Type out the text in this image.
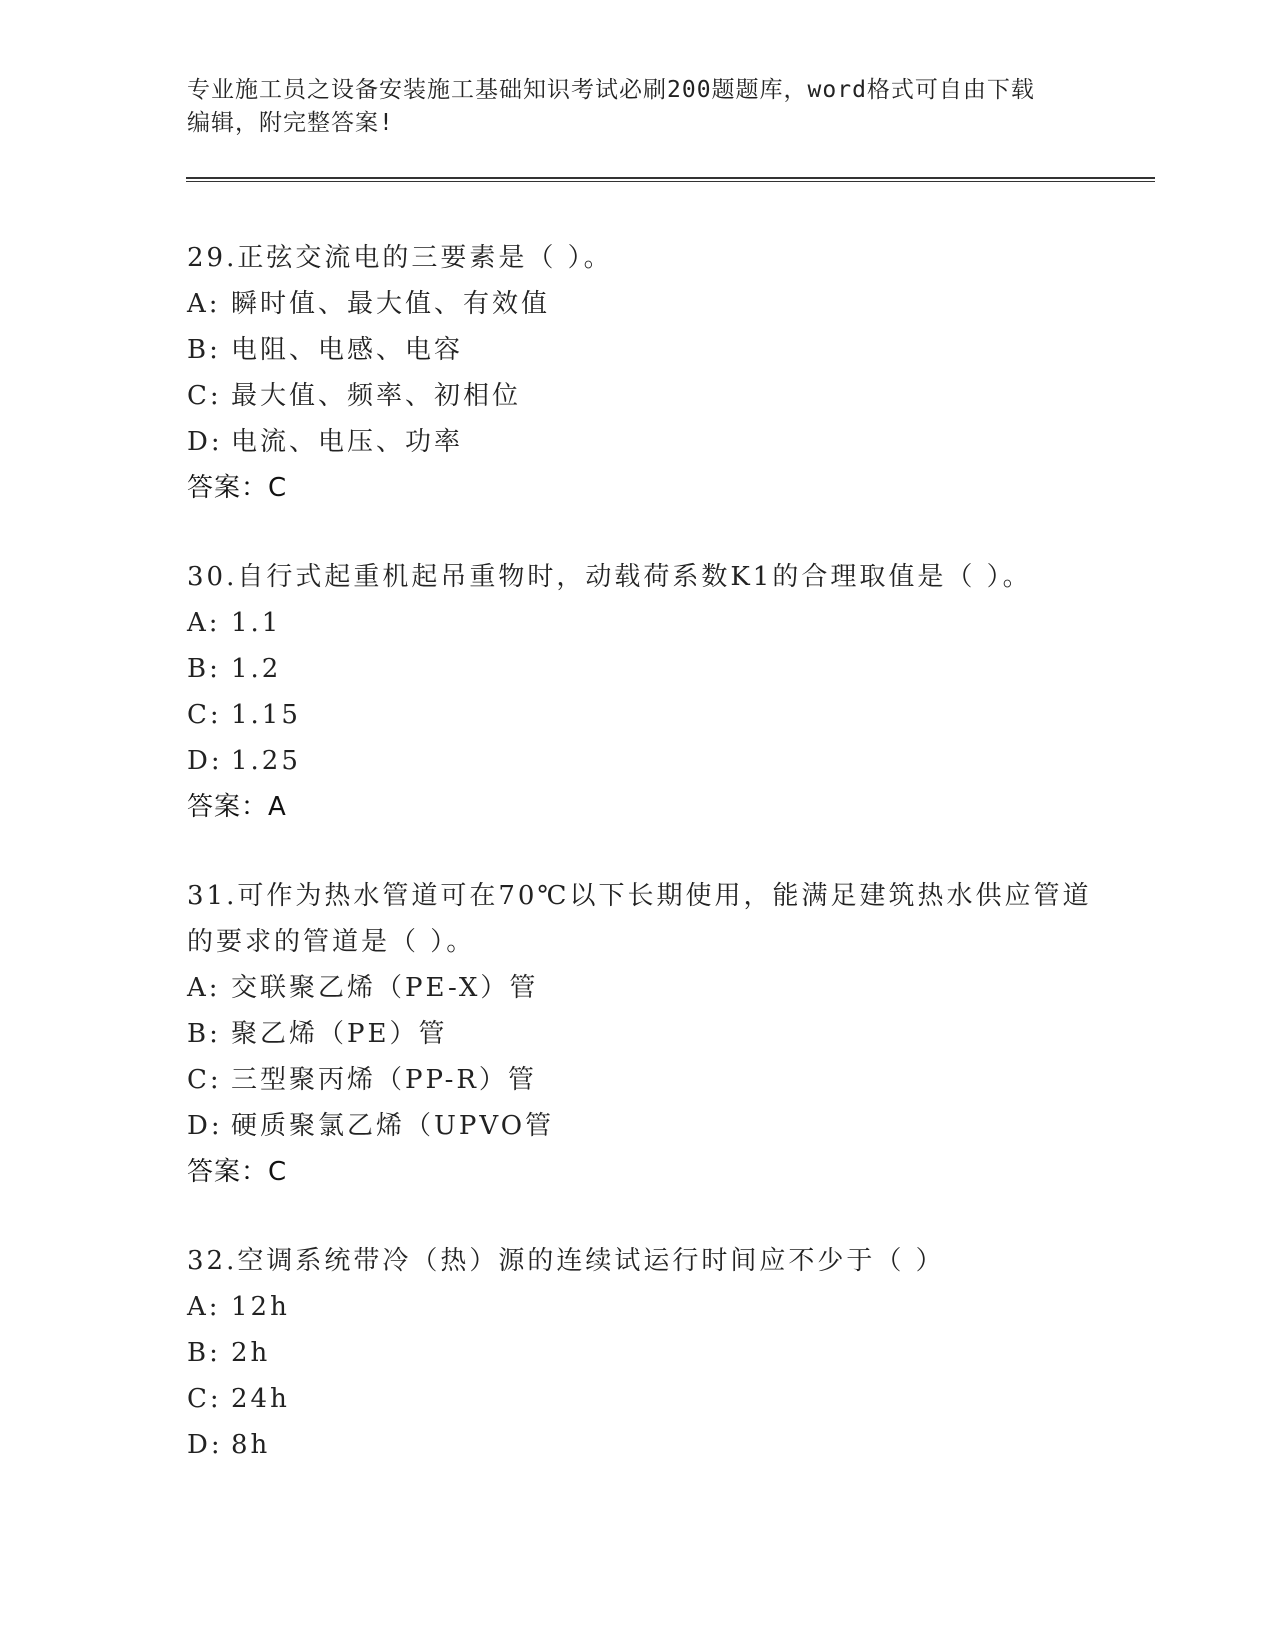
专业施工员之设备安装施工基础知识考试必刷200题题库，word格式可自由下载
编辑，附完整答案!
29.正弦交流电的三要素是（ ）。
A: 瞬时值、最大值、有效值
B: 电阻、电感、电容
C: 最大值、频率、初相位
D: 电流、电压、功率
答案：C
30.自行式起重机起吊重物时，动载荷系数K1的合理取值是（ ）。
A: 1.1
B: 1.2
C: 1.15
D: 1.25
答案：A
31.可作为热水管道可在70℃以下长期使用，能满足建筑热水供应管道
的要求的管道是（ ）。
A: 交联聚乙烯（PE-X）管
B: 聚乙烯（PE）管
C: 三型聚丙烯（PP-R）管
D: 硬质聚氯乙烯（UPVO管
答案：C
32.空调系统带冷（热）源的连续试运行时间应不少于（ ）
A: 12h
B: 2h
C: 24h
D: 8h
